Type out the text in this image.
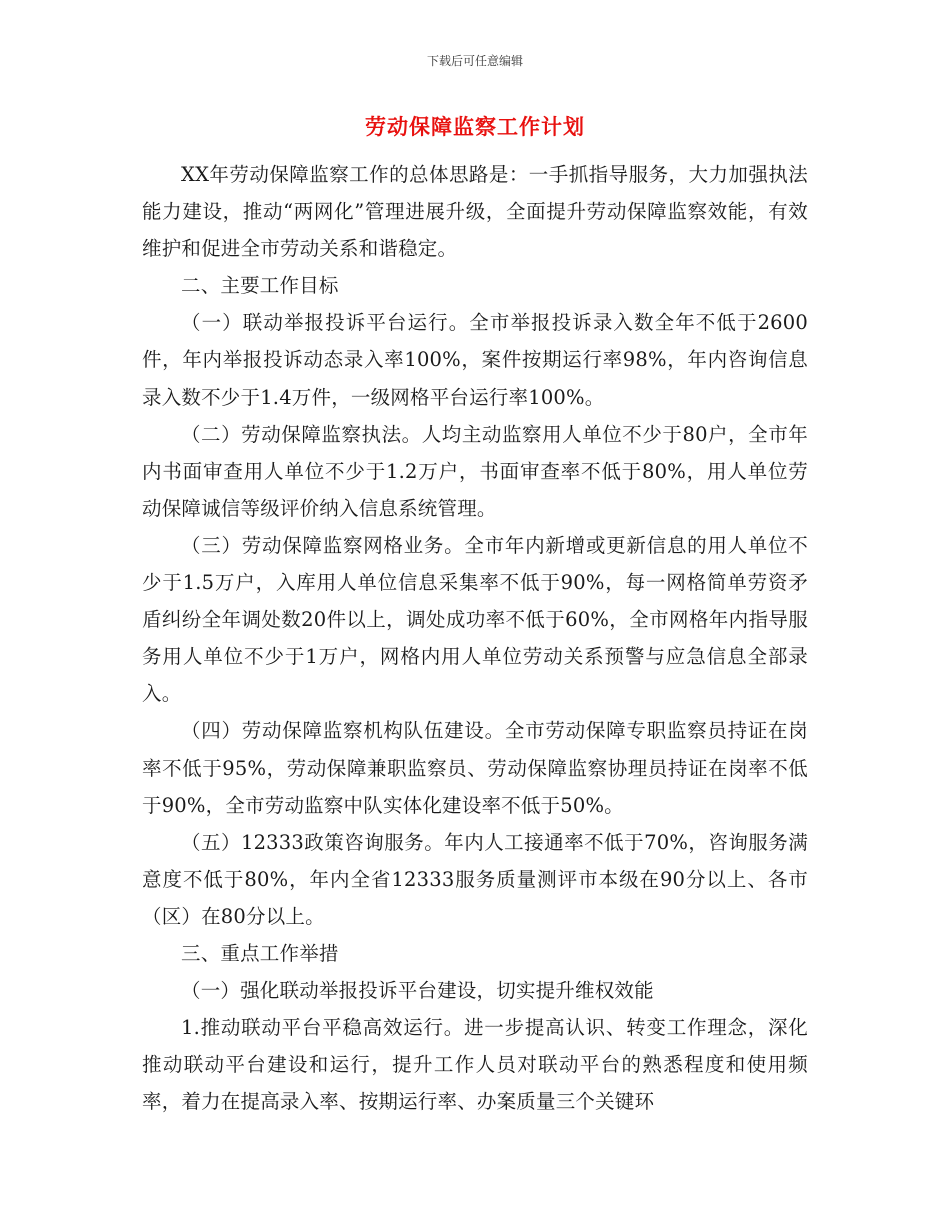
下载后可任意编辑
劳动保障监察工作计划

XX年劳动保障监察工作的总体思路是：一手抓指导服务，大力加强执法能力建设，推动“两网化”管理进展升级，全面提升劳动保障监察效能，有效维护和促进全市劳动关系和谐稳定。

二、主要工作目标

（一）联动举报投诉平台运行。全市举报投诉录入数全年不低于2600件，年内举报投诉动态录入率100%，案件按期运行率98%，年内咨询信息录入数不少于1.4万件，一级网格平台运行率100%。

（二）劳动保障监察执法。人均主动监察用人单位不少于80户，全市年内书面审查用人单位不少于1.2万户，书面审查率不低于80%，用人单位劳动保障诚信等级评价纳入信息系统管理。

（三）劳动保障监察网格业务。全市年内新增或更新信息的用人单位不少于1.5万户，入库用人单位信息采集率不低于90%，每一网格简单劳资矛盾纠纷全年调处数20件以上，调处成功率不低于60%，全市网格年内指导服务用人单位不少于1万户，网格内用人单位劳动关系预警与应急信息全部录入。

（四）劳动保障监察机构队伍建设。全市劳动保障专职监察员持证在岗率不低于95%，劳动保障兼职监察员、劳动保障监察协理员持证在岗率不低于90%，全市劳动监察中队实体化建设率不低于50%。

（五）12333政策咨询服务。年内人工接通率不低于70%，咨询服务满意度不低于80%，年内全省12333服务质量测评市本级在90分以上、各市（区）在80分以上。

三、重点工作举措

（一）强化联动举报投诉平台建设，切实提升维权效能

1.推动联动平台平稳高效运行。进一步提高认识、转变工作理念，深化推动联动平台建设和运行，提升工作人员对联动平台的熟悉程度和使用频率，着力在提高录入率、按期运行率、办案质量三个关键环
